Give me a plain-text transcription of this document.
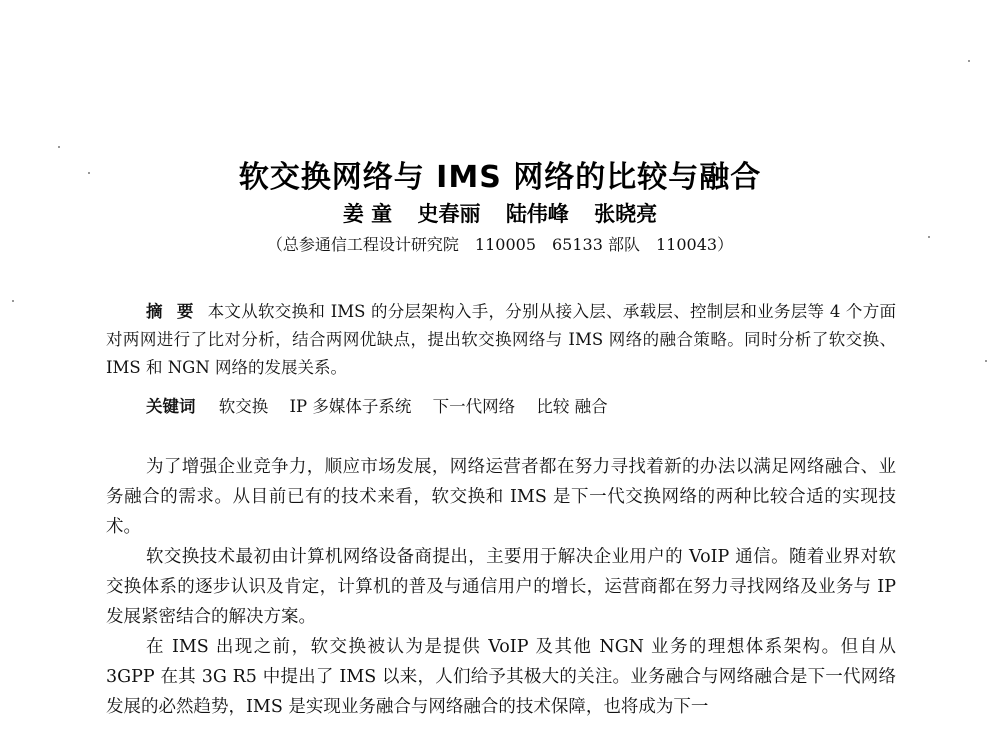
软交换网络与 IMS 网络的比较与融合
姜 童 史春丽 陆伟峰 张晓亮
（总参通信工程设计研究院　110005　65133 部队　110043）
摘 要 本文从软交换和 IMS 的分层架构入手，分别从接入层、承载层、控制层和业务层等 4 个方面对两网进行了比对分析，结合两网优缺点，提出软交换网络与 IMS 网络的融合策略。同时分析了软交换、IMS 和 NGN 网络的发展关系。
关键词 软交换 IP 多媒体子系统 下一代网络 比较 融合

为了增强企业竞争力，顺应市场发展，网络运营者都在努力寻找着新的办法以满足网络融合、业务融合的需求。从目前已有的技术来看，软交换和 IMS 是下一代交换网络的两种比较合适的实现技术。

软交换技术最初由计算机网络设备商提出，主要用于解决企业用户的 VoIP 通信。随着业界对软交换体系的逐步认识及肯定，计算机的普及与通信用户的增长，运营商都在努力寻找网络及业务与 IP 发展紧密结合的解决方案。

在 IMS 出现之前，软交换被认为是提供 VoIP 及其他 NGN 业务的理想体系架构。但自从 3GPP 在其 3G R5 中提出了 IMS 以来，人们给予其极大的关注。业务融合与网络融合是下一代网络发展的必然趋势，IMS 是实现业务融合与网络融合的技术保障，也将成为下一
